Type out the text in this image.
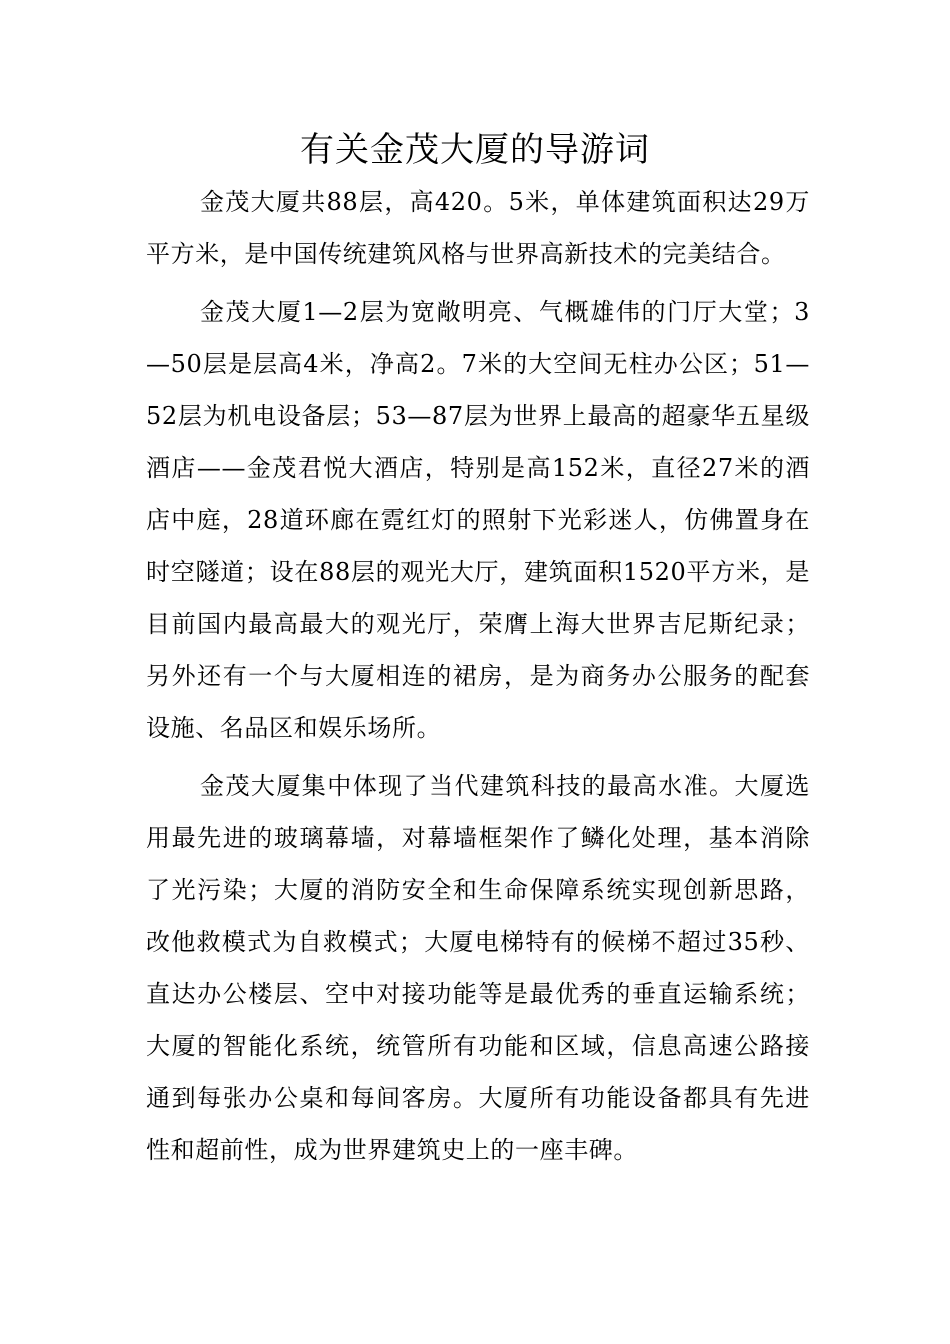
有关金茂大厦的导游词

金茂大厦共88层，高420。5米，单体建筑面积达29万平方米，是中国传统建筑风格与世界高新技术的完美结合。

金茂大厦1—2层为宽敞明亮、气概雄伟的门厅大堂；3—50层是层高4米，净高2。7米的大空间无柱办公区；51—52层为机电设备层；53—87层为世界上最高的超豪华五星级酒店——金茂君悦大酒店，特别是高152米，直径27米的酒店中庭，28道环廊在霓红灯的照射下光彩迷人，仿佛置身在时空隧道；设在88层的观光大厅，建筑面积1520平方米，是目前国内最高最大的观光厅，荣膺上海大世界吉尼斯纪录；另外还有一个与大厦相连的裙房，是为商务办公服务的配套设施、名品区和娱乐场所。

金茂大厦集中体现了当代建筑科技的最高水准。大厦选用最先进的玻璃幕墙，对幕墙框架作了鳞化处理，基本消除了光污染；大厦的消防安全和生命保障系统实现创新思路，改他救模式为自救模式；大厦电梯特有的候梯不超过35秒、直达办公楼层、空中对接功能等是最优秀的垂直运输系统；大厦的智能化系统，统管所有功能和区域，信息高速公路接通到每张办公桌和每间客房。大厦所有功能设备都具有先进性和超前性，成为世界建筑史上的一座丰碑。
